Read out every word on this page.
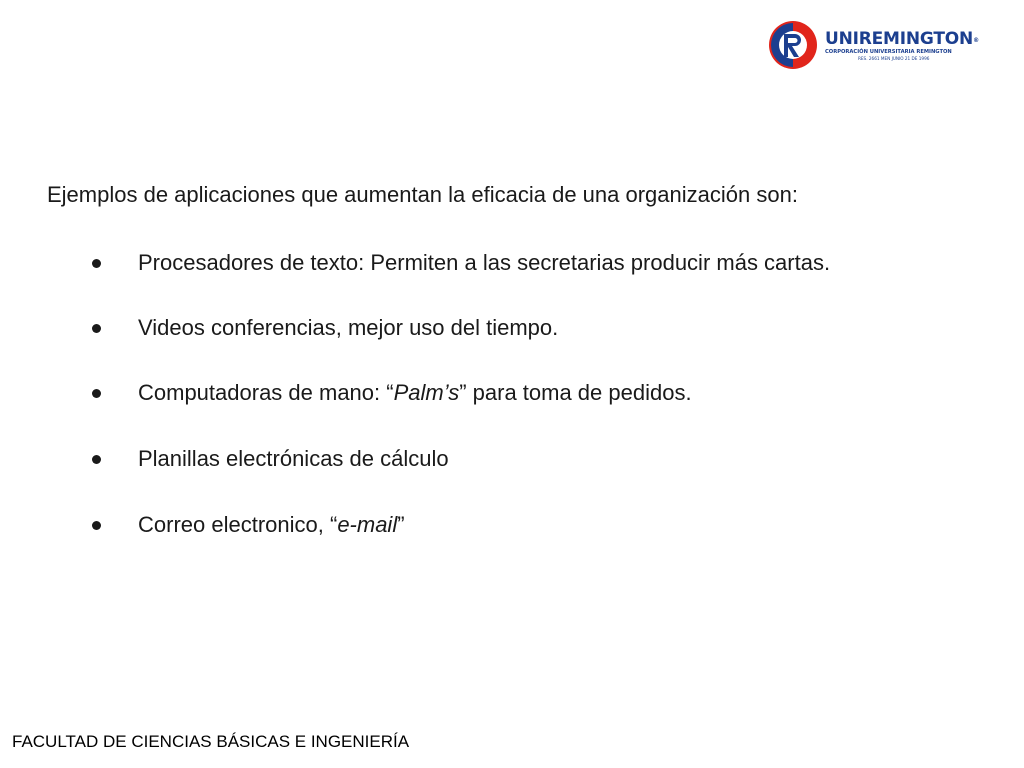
UNIREMINGTON®
CORPORACIÓN UNIVERSITARIA REMINGTON
RES. 2661 MEN JUNIO 21 DE 1996
Ejemplos de aplicaciones que aumentan la eficacia de una organización son:
Procesadores de texto: Permiten a las secretarias producir más cartas.
Videos conferencias, mejor uso del tiempo.
Computadoras de mano: “Palm’s” para toma de pedidos.
Planillas electrónicas de cálculo
Correo electronico, “e-mail”
FACULTAD DE CIENCIAS BÁSICAS E INGENIERÍA
